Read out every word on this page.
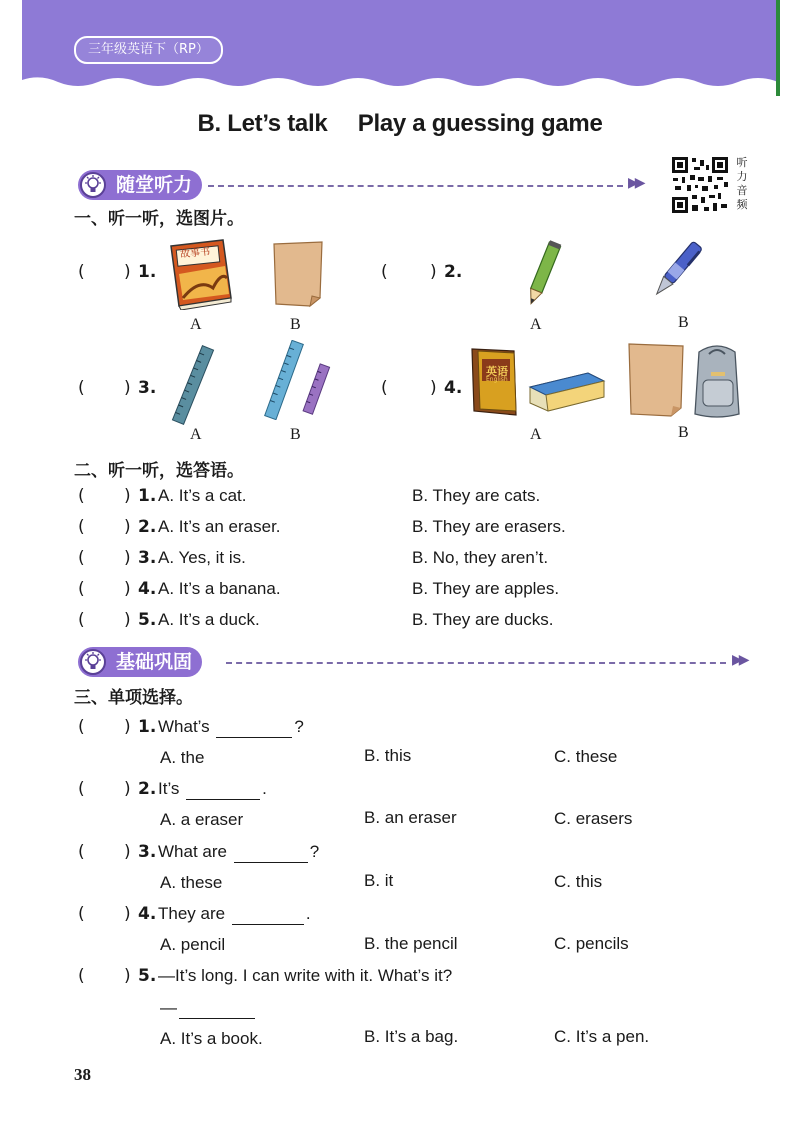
三年级英语下（RP）
B. Let’s talk Play a guessing game
随堂听力	▶▶
听力音频
一、听一听，选图片。
( ) 1.
故事书
A	B
( ) 2.
A	B
( ) 3.
A	B
( ) 4.
英语
English
A	B
二、听一听，选答语。
( ) 1. A. It’s a cat.	B. They are cats.
( ) 2. A. It’s an eraser.	B. They are erasers.
( ) 3. A. Yes, it is.	B. No, they aren’t.
( ) 4. A. It’s a banana.	B. They are apples.
( ) 5. A. It’s a duck.	B. They are ducks.
基础巩固	▶▶
三、单项选择。
( ) 1. What’s	?
A. the	B. this	C. these
( ) 2. It’s	.
A. a eraser	B. an eraser	C. erasers
( ) 3. What are	?
A. these	B. it	C. this
( ) 4. They are	.
A. pencil	B. the pencil	C. pencils
( ) 5. —It’s long. I can write with it. What’s it?
—
A. It’s a book.	B. It’s a bag.	C. It’s a pen.
38
